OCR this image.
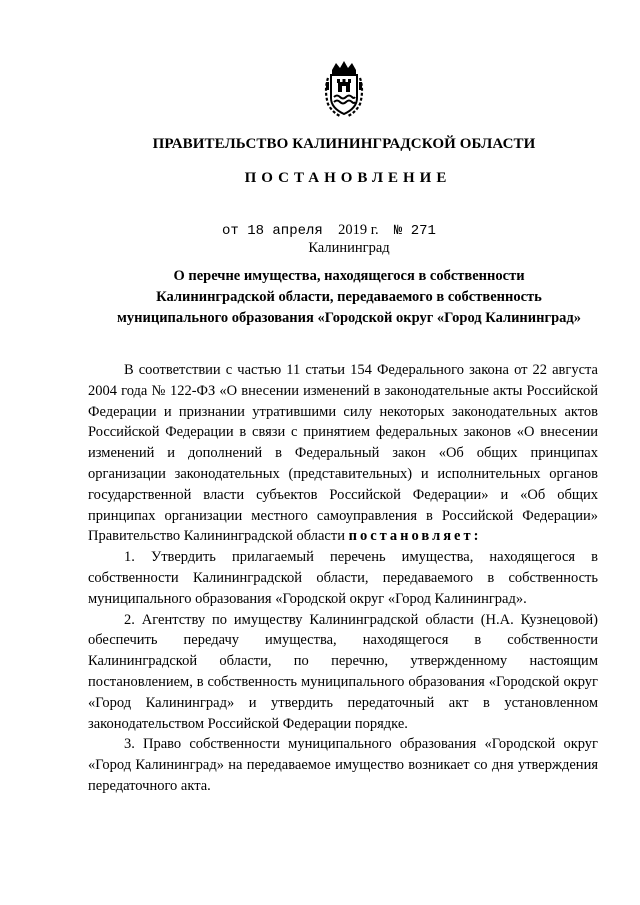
ПРАВИТЕЛЬСТВО КАЛИНИНГРАДСКОЙ ОБЛАСТИ
ПОСТАНОВЛЕНИЕ
от 18 апреля 2019 г. № 271
Калининград
О перечне имущества, находящегося в собственности
Калининградской области, передаваемого в собственность
муниципального образования «Городской округ «Город Калининград»
В соответствии с частью 11 статьи 154 Федерального закона от 22 августа 2004 года № 122-ФЗ «О внесении изменений в законодательные акты Российской Федерации и признании утратившими силу некоторых законодательных актов Российской Федерации в связи с принятием федеральных законов «О внесении изменений и дополнений в Федеральный закон «Об общих принципах организации законодательных (представительных) и исполнительных органов государственной власти субъектов Российской Федерации» и «Об общих принципах организации местного самоуправления в Российской Федерации» Правительство Калининградской области постановляет:
1. Утвердить прилагаемый перечень имущества, находящегося в собственности Калининградской области, передаваемого в собственность муниципального образования «Городской округ «Город Калининград».
2. Агентству по имуществу Калининградской области (Н.А. Кузнецовой) обеспечить передачу имущества, находящегося в собственности Калининградской области, по перечню, утвержденному настоящим постановлением, в собственность муниципального образования «Городской округ «Город Калининград» и утвердить передаточный акт в установленном законодательством Российской Федерации порядке.
3. Право собственности муниципального образования «Городской округ «Город Калининград» на передаваемое имущество возникает со дня утверждения передаточного акта.
